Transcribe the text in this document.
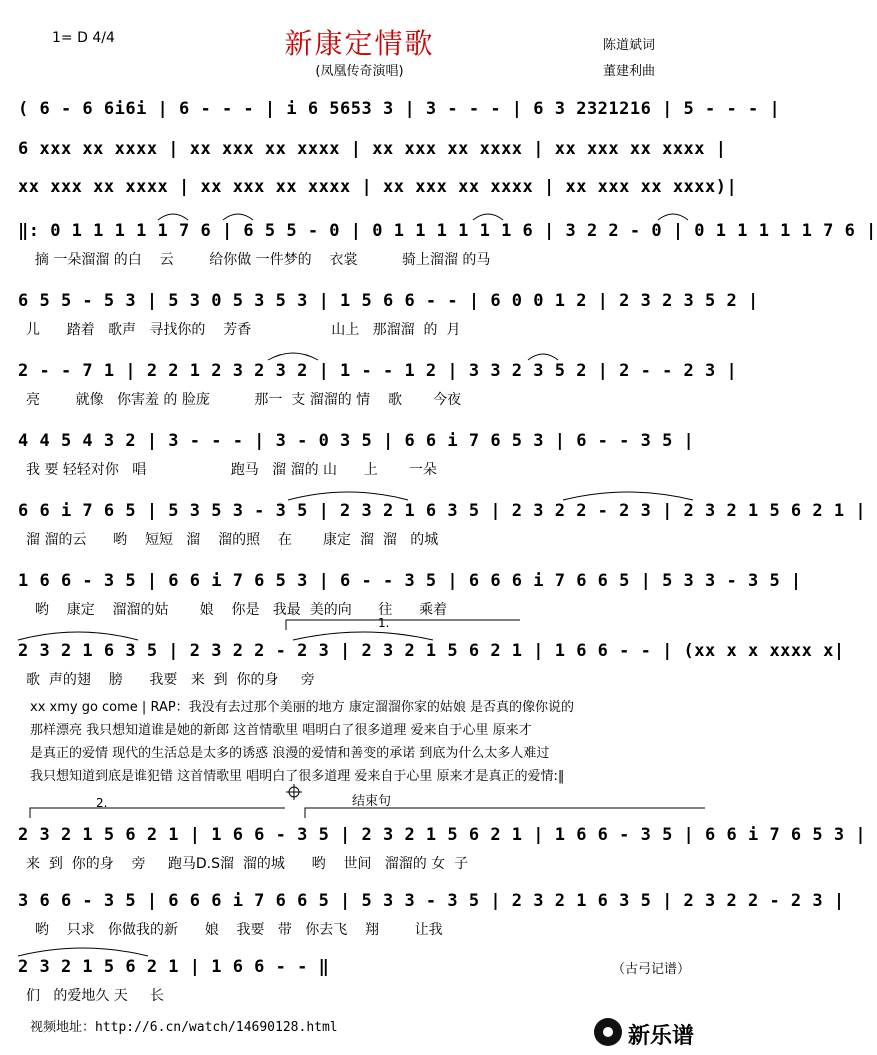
1= D 4/4	新康定情歌
(凤凰传奇演唱)
陈道斌词
董建利曲
( 6 - 6 6i6i | 6 - - - | i 6 5653 3 | 3 - - - | 6 3 2321216 | 5 - - - |
6 xxx xx xxxx | xx xxx xx xxxx | xx xxx xx xxxx | xx xxx xx xxxx |
xx xxx xx xxxx | xx xxx xx xxxx | xx xxx xx xxxx | xx xxx xx xxxx)|
‖: 0 1 1 1 1 1 7 6 | 6 5 5 - 0 | 0 1 1 1 1 1 1 6 | 3 2 2 - 0 | 0 1 1 1 1 1 7 6 |
摘 一朵溜溜 的白    云        给你做 一件梦的    衣裳          骑上溜溜 的马
6 5 5 - 5 3 | 5 3 0 5 3 5 3 | 1 5 6 6 - - | 6 0 0 1 2 | 2 3 2 3 5 2 |
儿      踏着   歌声   寻找你的    芳香                  山上   那溜溜  的  月
2 - - 7 1 | 2 2 1 2 3 2 3 2 | 1 - - 1 2 | 3 3 2 3 5 2 | 2 - - 2 3 |
亮        就像   你害羞 的 脸庞          那一  支 溜溜的 情    歌       今夜
4 4 5 4 3 2 | 3 - - - | 3 - 0 3 5 | 6 6 i 7 6 5 3 | 6 - - 3 5 |
我 要 轻轻对你   唱                   跑马   溜 溜的 山      上       一朵
6 6 i 7 6 5 | 5 3 5 3 - 3 5 | 2 3 2 1 6 3 5 | 2 3 2 2 - 2 3 | 2 3 2 1 5 6 2 1 |
溜 溜的云      哟    短短   溜    溜的照    在       康定  溜  溜   的城
1 6 6 - 3 5 | 6 6 i 7 6 5 3 | 6 - - 3 5 | 6 6 6 i 7 6 6 5 | 5 3 3 - 3 5 |
哟    康定    溜溜的姑       娘    你是   我最  美的向      往      乘着
2 3 2 1 6 3 5 | 2 3 2 2 - 2 3 | 2 3 2 1 5 6 2 1 | 1 6 6 - - | (xx x x xxxx x|
歌  声的翅    膀      我要   来  到  你的身     旁
xx xmy go come | RAP：我没有去过那个美丽的地方 康定溜溜你家的姑娘 是否真的像你说的
那样漂亮 我只想知道谁是她的新郎 这首情歌里 唱明白了很多道理 爱来自于心里 原来才
是真正的爱情 现代的生活总是太多的诱惑 浪漫的爱情和善变的承诺 到底为什么太多人难过
我只想知道到底是谁犯错 这首情歌里 唱明白了很多道理 爱来自于心里 原来才是真正的爱情:‖
1.
结束句
2.
2 3 2 1 5 6 2 1 | 1 6 6 - 3 5 | 2 3 2 1 5 6 2 1 | 1 6 6 - 3 5 | 6 6 i 7 6 5 3 |
来  到  你的身    旁     跑马D.S溜  溜的城      哟    世间   溜溜的 女  子
3 6 6 - 3 5 | 6 6 6 i 7 6 6 5 | 5 3 3 - 3 5 | 2 3 2 1 6 3 5 | 2 3 2 2 - 2 3 |
哟    只求   你做我的新      娘    我要   带   你去飞    翔        让我
2 3 2 1 5 6 2 1 | 1 6 6 - - ‖
们   的爱地久 天     长
（古弓记谱）
视频地址：http://6.cn/watch/14690128.html	新乐谱
